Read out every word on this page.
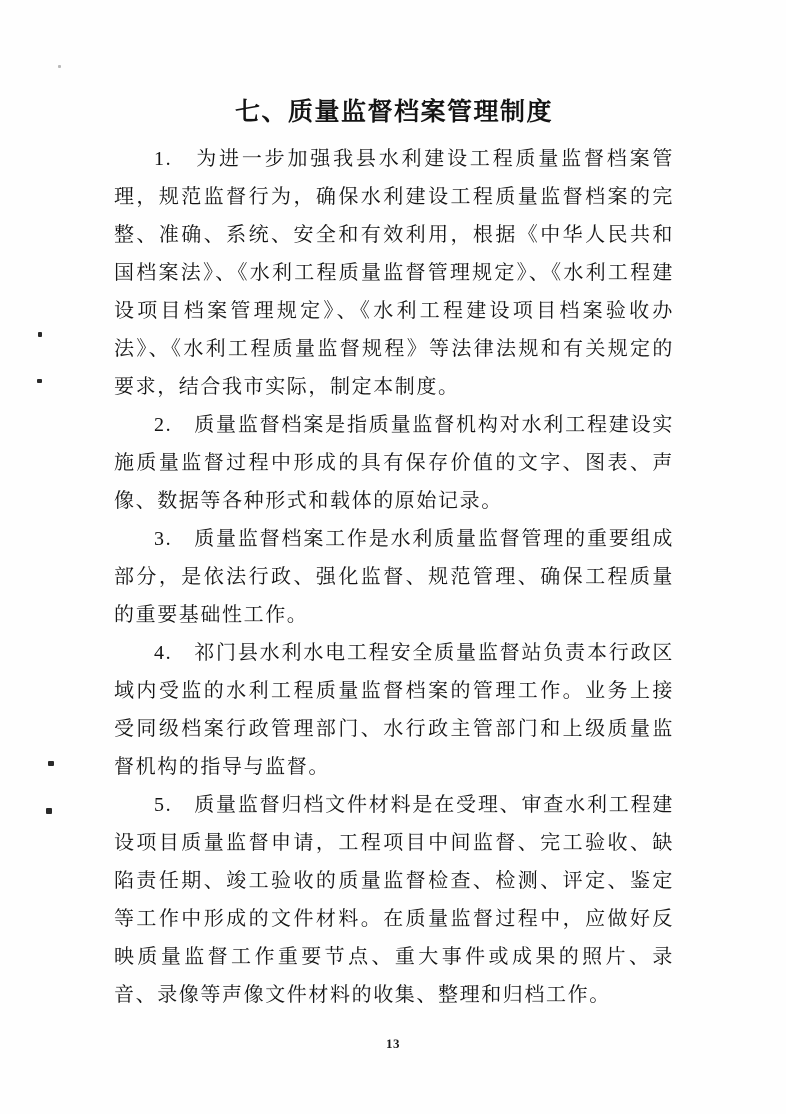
七、质量监督档案管理制度

1.　为进一步加强我县水利建设工程质量监督档案管理，规范监督行为，确保水利建设工程质量监督档案的完整、准确、系统、安全和有效利用，根据《中华人民共和国档案法》、《水利工程质量监督管理规定》、《水利工程建设项目档案管理规定》、《水利工程建设项目档案验收办法》、《水利工程质量监督规程》等法律法规和有关规定的要求，结合我市实际，制定本制度。

2.　质量监督档案是指质量监督机构对水利工程建设实施质量监督过程中形成的具有保存价值的文字、图表、声像、数据等各种形式和载体的原始记录。

3.　质量监督档案工作是水利质量监督管理的重要组成部分，是依法行政、强化监督、规范管理、确保工程质量的重要基础性工作。

4.　祁门县水利水电工程安全质量监督站负责本行政区域内受监的水利工程质量监督档案的管理工作。业务上接受同级档案行政管理部门、水行政主管部门和上级质量监督机构的指导与监督。

5.　质量监督归档文件材料是在受理、审查水利工程建设项目质量监督申请，工程项目中间监督、完工验收、缺陷责任期、竣工验收的质量监督检查、检测、评定、鉴定等工作中形成的文件材料。在质量监督过程中，应做好反映质量监督工作重要节点、重大事件或成果的照片、录音、录像等声像文件材料的收集、整理和归档工作。

13
